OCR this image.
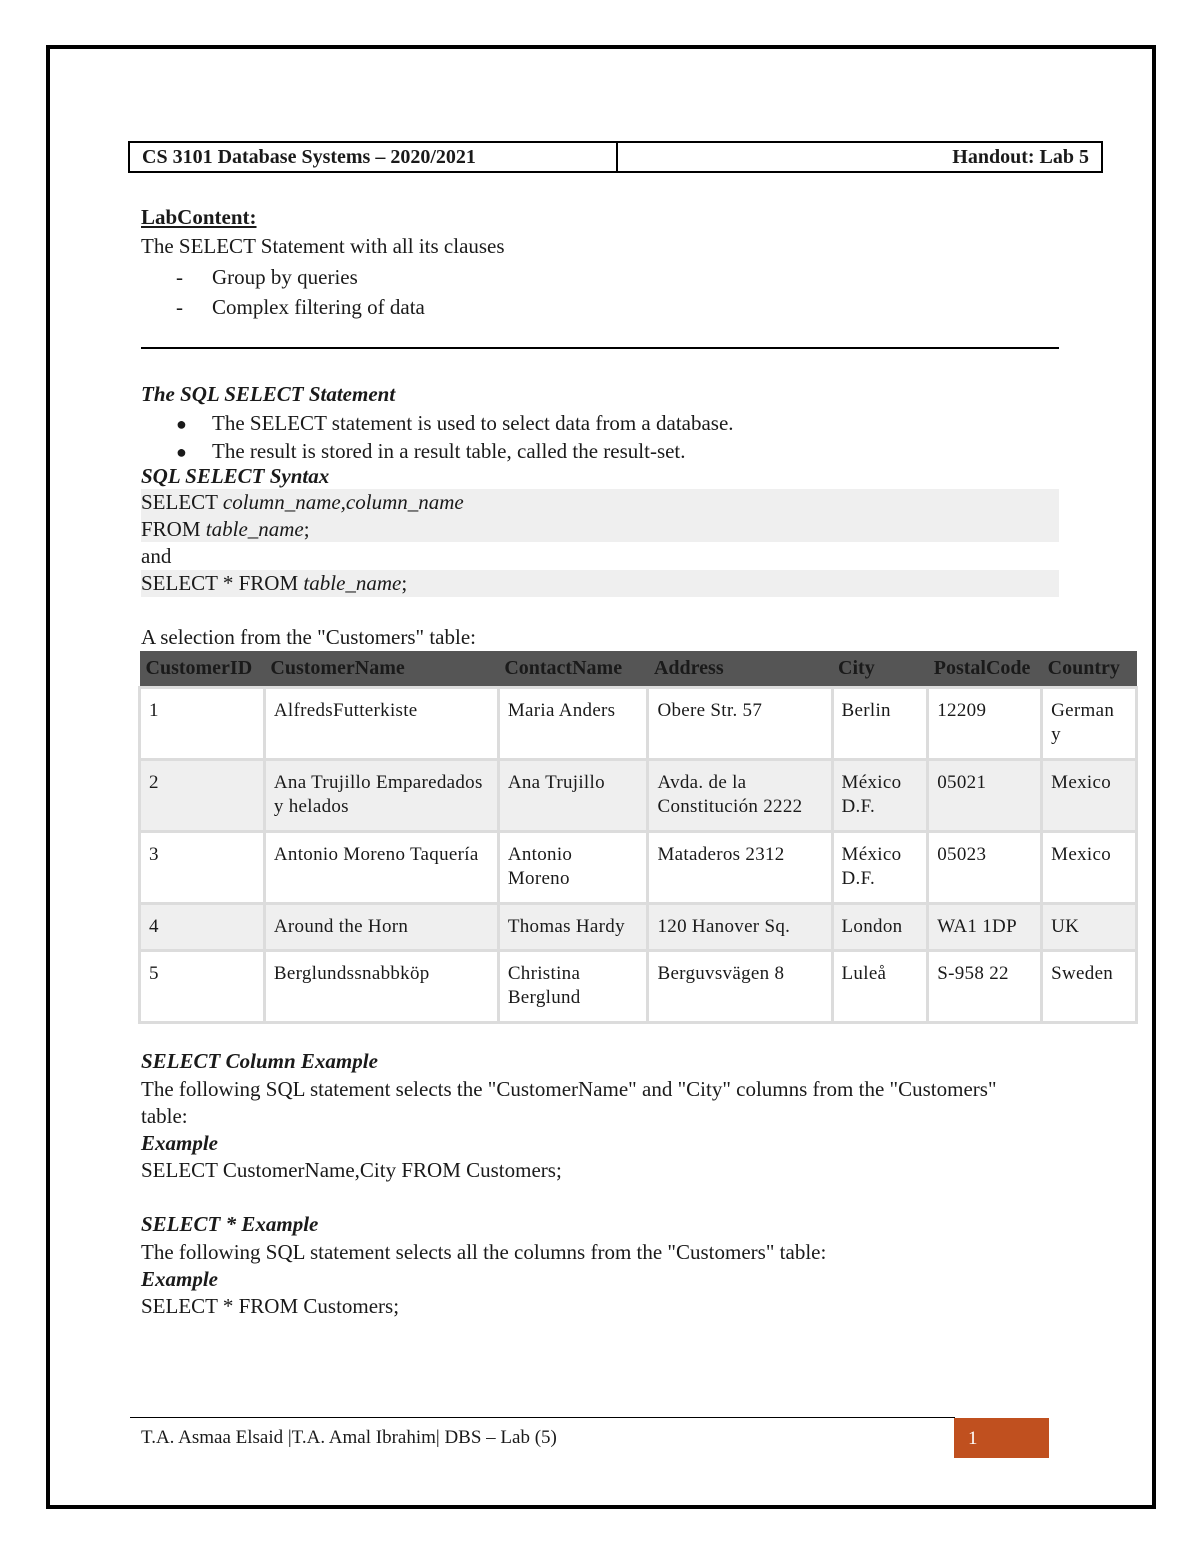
CS 3101 Database Systems – 2020/2021	Handout: Lab 5
LabContent:
The SELECT Statement with all its clauses
- Group by queries
- Complex filtering of data
The SQL SELECT Statement
● The SELECT statement is used to select data from a database.
● The result is stored in a result table, called the result-set.
SQL SELECT Syntax
SELECT column_name,column_name
FROM table_name;
and
SELECT * FROM table_name;
A selection from the "Customers" table:
CustomerID	CustomerName	ContactName	Address	City	PostalCode	Country
1	AlfredsFutterkiste	Maria Anders	Obere Str. 57	Berlin	12209	German y
2	Ana Trujillo Emparedados y helados	Ana Trujillo	Avda. de la Constitución 2222	México D.F.	05021	Mexico
3	Antonio Moreno Taquería	Antonio Moreno	Mataderos 2312	México D.F.	05023	Mexico
4	Around the Horn	Thomas Hardy	120 Hanover Sq.	London	WA1 1DP	UK
5	Berglundssnabbköp	Christina Berglund	Berguvsvägen 8	Luleå	S-958 22	Sweden
SELECT Column Example
The following SQL statement selects the "CustomerName" and "City" columns from the "Customers" table:
Example
SELECT CustomerName,City FROM Customers;
SELECT * Example
The following SQL statement selects all the columns from the "Customers" table:
Example
SELECT * FROM Customers;
T.A. Asmaa Elsaid |T.A. Amal Ibrahim| DBS – Lab (5)	1
